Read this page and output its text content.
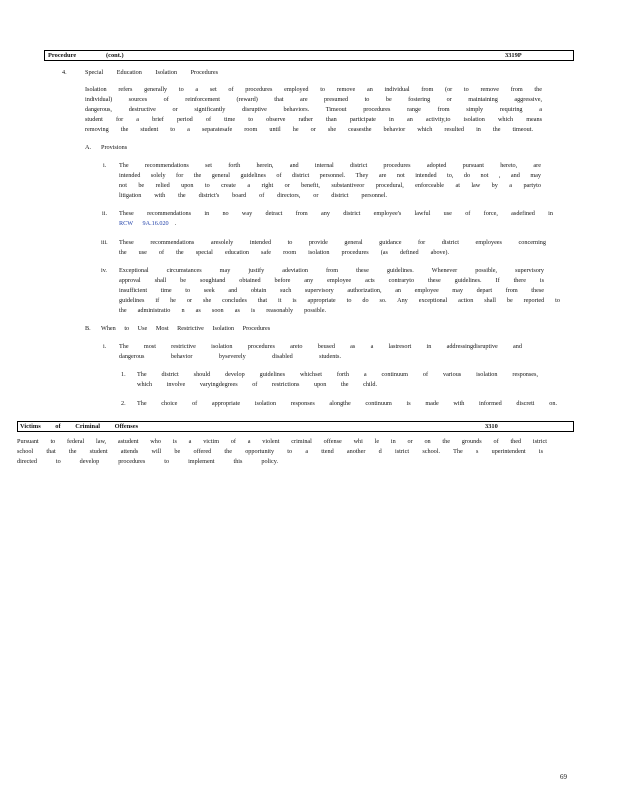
Procedure	(cont.)	3319P
4.	Special Education Isolation Procedures
Isolation refers generally to a set of procedures employed to remove an individual from (or to remove from the
individual) sources of reinforcement (reward) that are presumed to be fostering or maintaining aggressive,
dangerous, destructive or significantly disruptive behaviors. Timeout procedures range from simply requiring a
student for a brief period of time to observe rather than participate in an activity,to isolation which means
removing the student to a separatesafe room until he or she ceasesthe behavior which resulted in the timeout.
A. Provisions
i. The recommendations set forth herein, and internal district procedures adopted pursuant hereto, are
intended solely for the general guidelines of district personnel. They are not intended to, do not , and may
not be relied upon to create a right or benefit, substantiveor procedural, enforceable at law by a partyto
litigation with the district's board of directors, or district personnel.
ii. These recommendations in no way detract from any district employee's lawful use of force, asdefined in
RCW 9A.16.020 .
iii. These recommendations aresolely intended to provide general guidance for district employees concerning
the use of the special education safe room isolation procedures (as defined above).
iv. Exceptional circumstances may justify adeviation from these guidelines. Whenever possible, supervisory
approval shall be soughtand obtained before any employee acts contraryto these guidelines. If there is
insufficient time to seek and obtain such supervisory authorization, an employee may depart from these
guidelines if he or she concludes that it is appropriate to do so. Any exceptional action shall be reported to
the administratio n as soon as is reasonably possible.
B. When to Use Most Restrictive Isolation Procedures
i. The most restrictive isolation procedures areto beused as a lastresort in addressingdisruptive and
dangerous behavior byseverely disabled students.
1. The district should develop guidelines whichset forth a continuum of various isolation responses,
which involve varyingdegrees of restrictions upon the child.
2. The choice of appropriate isolation responses alongthe continuum is made with informed discreti on.
Victims of Criminal Offenses	3310
Pursuant to federal law, astudent who is a victim of a violent criminal offense whi le in or on the grounds of thed istrict
school that the student attends will be offered the opportunity to a ttend another d istrict school. The s uperintendent is
directed to develop procedures to implement this policy.
69
